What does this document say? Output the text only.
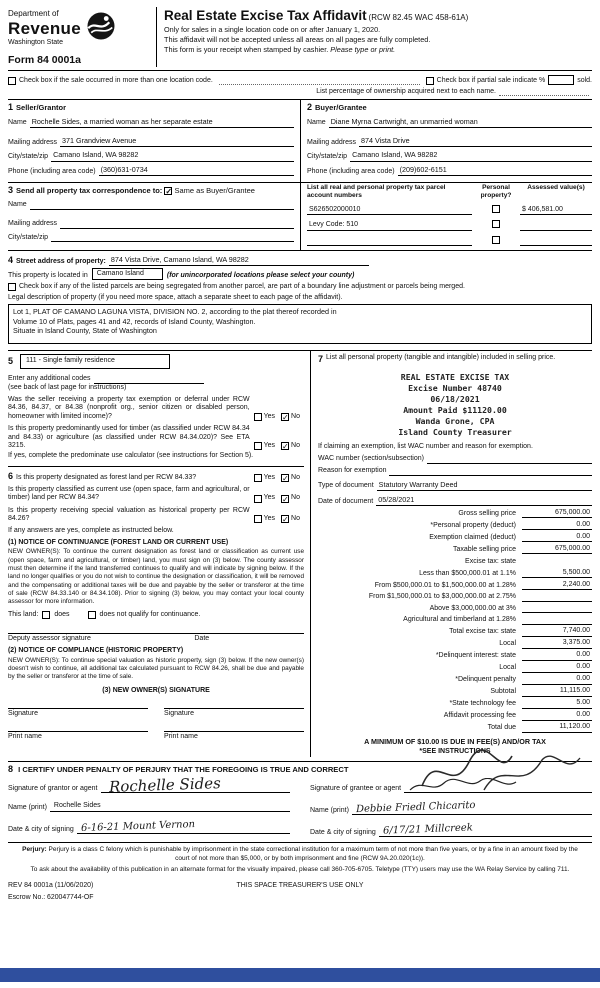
Department of
Revenue
Washington State
Form 84 0001a
Real Estate Excise Tax Affidavit (RCW 82.45 WAC 458-61A)
Only for sales in a single location code on or after January 1, 2020.
This affidavit will not be accepted unless all areas on all pages are fully completed.
This form is your receipt when stamped by cashier. Please type or print.
Check box if the sale occurred in more than one location code.	Check box if partial sale indicate %	sold.
List percentage of ownership acquired next to each name.
1 Seller/Grantor
Name Rochelle Sides, a married woman as her separate estate
Mailing address 371 Grandview Avenue
City/state/zip Camano Island, WA 98282
Phone (including area code) (360)631-0734
2 Buyer/Grantee
Name Diane Myrna Cartwright, an unmarried woman
Mailing address 874 Vista Drive
City/state/zip Camano Island, WA 98282
Phone (including area code) (209)602-6151
3 Send all property tax correspondence to: ✓ Same as Buyer/Grantee
Name
Mailing address
City/state/zip
List all real and personal property tax parcel account numbers
Personal property?
Assessed value(s)
S626502000010	$ 406,581.00
Levy Code: 510
4 Street address of property: 874 Vista Drive, Camano Island, WA 98282
This property is located in	Camano Island	(for unincorporated locations please select your county)
Check box if any of the listed parcels are being segregated from another parcel, are part of a boundary line adjustment or parcels being merged.
Legal description of property (if you need more space, attach a separate sheet to each page of the affidavit).
Lot 1, PLAT OF CAMANO LAGUNA VISTA, DIVISION NO. 2, according to the plat thereof recorded in
Volume 10 of Plats, pages 41 and 42, records of Island County, Washington.
Situate in Island County, State of Washington
5	111 - Single family residence
Enter any additional codes
(see back of last page for instructions)
Was the seller receiving a property tax exemption or deferral under RCW 84.36, 84.37, or 84.38 (nonprofit org., senior citizen or disabled person, homeowner with limited income)?	Yes ✓ No
Is this property predominantly used for timber (as classified under RCW 84.34 and 84.33) or agriculture (as classified under RCW 84.34.020)? See ETA 3215.	Yes ✓ No
If yes, complete the predominate use calculator (see instructions for Section 5).
6 Is this property designated as forest land per RCW 84.33?	Yes ✓ No
Is this property classified as current use (open space, farm and agricultural, or timber) land per RCW 84.34?	Yes ✓ No
Is this property receiving special valuation as historical property per RCW 84.26?	Yes ✓ No
If any answers are yes, complete as instructed below.
(1) NOTICE OF CONTINUANCE (FOREST LAND OR CURRENT USE)
NEW OWNER(S): To continue the current designation as forest land or classification as current use (open space, farm and agricultural, or timber) land, you must sign on (3) below. The county assessor must then determine if the land transferred continues to qualify and will indicate by signing below. If the land no longer qualifies or you do not wish to continue the designation or classification, it will be removed and the compensating or additional taxes will be due and payable by the seller or transferor at the time of sale (RCW 84.33.140 or 84.34.108). Prior to signing (3) below, you may contact your local county assessor for more information.
This land: does	does not qualify for continuance.
Deputy assessor signature	Date
(2) NOTICE OF COMPLIANCE (HISTORIC PROPERTY)
NEW OWNER(S): To continue special valuation as historic property, sign (3) below. If the new owner(s) doesn't wish to continue, all additional tax calculated pursuant to RCW 84.26, shall be due and payable by the seller or transferor at the time of sale.
(3) NEW OWNER(S) SIGNATURE
Signature
Print name
Signature
Print name
7 List all personal property (tangible and intangible) included in selling price.
REAL ESTATE EXCISE TAX
Excise Number 48740
06/18/2021
Amount Paid $11120.00
Wanda Grone, CPA
Island County Treasurer
If claiming an exemption, list WAC number and reason for exemption.
WAC number (section/subsection)
Reason for exemption
Type of document Statutory Warranty Deed
Date of document 05/28/2021
Gross selling price	675,000.00
*Personal property (deduct)	0.00
Exemption claimed (deduct)	0.00
Taxable selling price	675,000.00
Excise tax: state
Less than $500,000.01 at 1.1%	5,500.00
From $500,000.01 to $1,500,000.00 at 1.28%	2,240.00
From $1,500,000.01 to $3,000,000.00 at 2.75%
Above $3,000,000.00 at 3%
Agricultural and timberland at 1.28%
Total excise tax: state	7,740.00
Local	3,375.00
*Delinquent interest: state	0.00
Local	0.00
*Delinquent penalty	0.00
Subtotal	11,115.00
*State technology fee	5.00
Affidavit processing fee	0.00
Total due	11,120.00
A MINIMUM OF $10.00 IS DUE IN FEE(S) AND/OR TAX
*SEE INSTRUCTIONS
8 I CERTIFY UNDER PENALTY OF PERJURY THAT THE FOREGOING IS TRUE AND CORRECT
Signature of grantor or agent Rochelle Sides
Name (print)	Rochelle Sides
Date & city of signing 6-16-21 Mount Vernon
Signature of grantee or agent
Name (print) Debbie Friedl Chicarito
Date & city of signing 6/17/21 Millcreek
Perjury: Perjury is a class C felony which is punishable by imprisonment in the state correctional institution for a maximum term of not more than five years, or by a fine in an amount fixed by the court of not more than $5,000, or by both imprisonment and fine (RCW 9A.20.020(1c)).
To ask about the availability of this publication in an alternate format for the visually impaired, please call 360-705-6705. Teletype (TTY) users may use the WA Relay Service by calling 711.
REV 84 0001a (11/06/2020)	THIS SPACE TREASURER'S USE ONLY
Escrow No.: 620047744-OF
